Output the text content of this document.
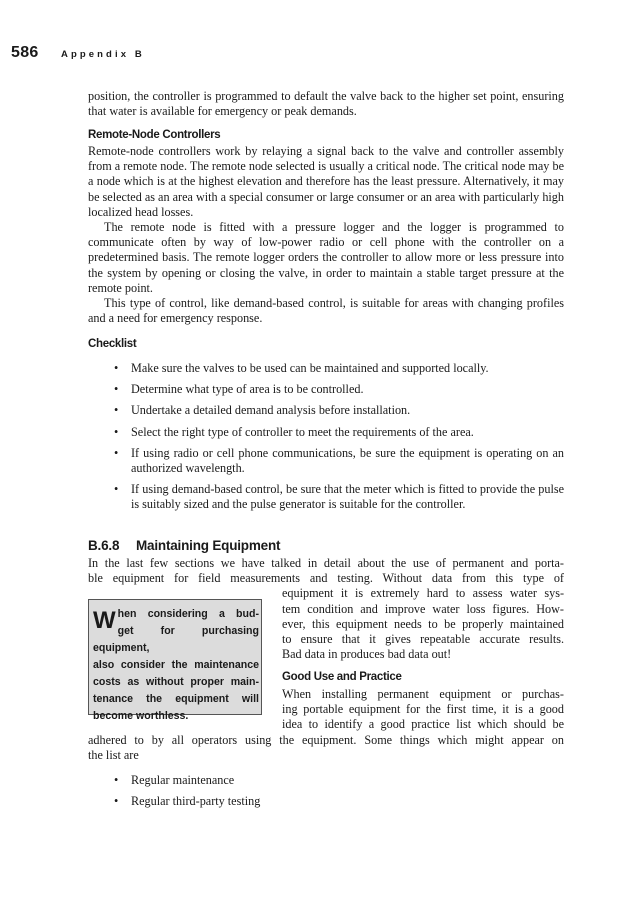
586 Appendix B

position, the controller is programmed to default the valve back to the higher set point, ensuring that water is available for emergency or peak demands.

Remote-Node Controllers

Remote-node controllers work by relaying a signal back to the valve and controller assembly from a remote node. The remote node selected is usually a critical node. The critical node may be a node which is at the highest elevation and therefore has the least pressure. Alternatively, it may be selected as an area with a special consumer or large consumer or an area with particularly high localized head losses.

The remote node is fitted with a pressure logger and the logger is programmed to communicate often by way of low-power radio or cell phone with the controller on a predetermined basis. The remote logger orders the controller to allow more or less pressure into the system by opening or closing the valve, in order to maintain a stable target pressure at the remote point.

This type of control, like demand-based control, is suitable for areas with changing profiles and a need for emergency response.

Checklist
• Make sure the valves to be used can be maintained and supported locally.
• Determine what type of area is to be controlled.
• Undertake a detailed demand analysis before installation.
• Select the right type of controller to meet the requirements of the area.
• If using radio or cell phone communications, be sure the equipment is operating on an authorized wavelength.
• If using demand-based control, be sure that the meter which is fitted to provide the pulse is suitably sized and the pulse generator is suitable for the controller.
B.6.8 Maintaining Equipment
In the last few sections we have talked in detail about the use of permanent and porta-
ble equipment for field measurements and testing. Without data from this type of
equipment it is extremely hard to assess water sys-
tem condition and improve water loss figures. How-
ever, this equipment needs to be properly maintained
to ensure that it gives repeatable accurate results.
Bad data in produces bad data out!
W hen considering a bud-
get for purchasing equipment,
also consider the maintenance
costs as without proper main-
tenance the equipment will
become worthless.
Good Use and Practice
When installing permanent equipment or purchas-
ing portable equipment for the first time, it is a good
idea to identify a good practice list which should be
adhered to by all operators using the equipment. Some things which might appear on
the list are
• Regular maintenance
• Regular third-party testing
